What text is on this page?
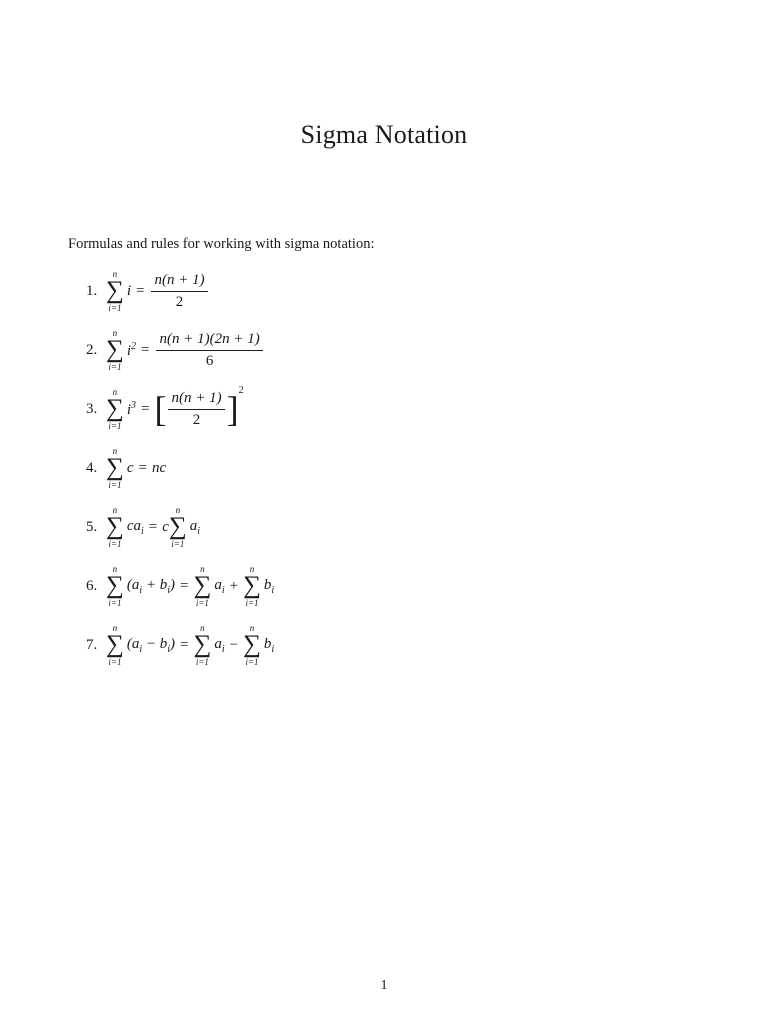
Sigma Notation
Formulas and rules for working with sigma notation:
1.
n
∑
i=1
$i = \frac{n(n + 1)}{2}$
2.
n
∑
i=1
$i^2 = \frac{n(n + 1)(2n + 1)}{6}$
3.
n
∑
i=1
$i^3$ = [ $\frac{n(n + 1)}{2}$ ] 2
4.
n
∑
i=1
c = nc
5.
n
∑
i=1
$ca_i = c$
n
∑
i=1
$a_i$
6.
n
∑
i=1
$(a_i + b_i)$ =
n
∑
i=1
$a_i$ +
n
∑
i=1
$b_i$
7.
n
∑
i=1
$(a_i - b_i)$ =
n
∑
i=1
$a_i$ −
n
∑
i=1
$b_i$
1
